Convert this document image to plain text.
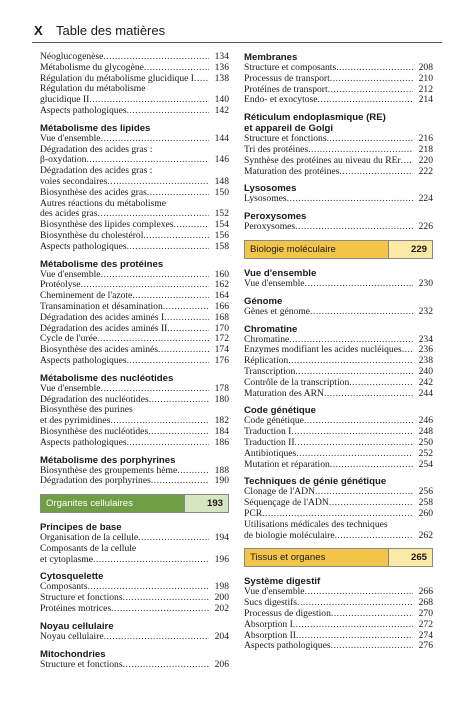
X Table des matières
Néoglucogenèse .....	134
Métabolisme du glycogène .....	136
Régulation du métabolisme glucidique I .....	138
Régulation du métabolisme
glucidique II .....	140
Aspects pathologiques .....	142
Métabolisme des lipides
Vue d'ensemble .....	144
Dégradation des acides gras :
β-oxydation .....	146
Dégradation des acides gras :
voies secondaires .....	148
Biosynthèse des acides gras .....	150
Autres réactions du métabolisme
des acides gras .....	152
Biosynthèse des lipides complexes .....	154
Biosynthèse du cholestérol .....	156
Aspects pathologiques .....	158
Métabolisme des protéines
Vue d'ensemble .....	160
Protéolyse .....	162
Cheminement de l'azote .....	164
Transamination et désamination .....	166
Dégradation des acides aminés I .....	168
Dégradation des acides aminés II .....	170
Cycle de l'urée .....	172
Biosynthèse des acides aminés .....	174
Aspects pathologiques .....	176
Métabolisme des nucléotides
Vue d'ensemble .....	178
Dégradation des nucléotides .....	180
Biosynthèse des purines
et des pyrimidines .....	182
Biosynthèse des nucléotides .....	184
Aspects pathologiques .....	186
Métabolisme des porphyrines
Biosynthèse des groupements hème .....	188
Dégradation des porphyrines .....	190
Organites cellulaires	193
Principes de base
Organisation de la cellule .....	194
Composants de la cellule
et cytoplasme .....	196
Cytosquelette
Composants .....	198
Structure et fonctions .....	200
Protéines motrices .....	202
Noyau cellulaire
Noyau cellulaire .....	204
Mitochondries
Structure et fonctions .....	206
Membranes
Structure et composants .....	208
Processus de transport .....	210
Protéines de transport .....	212
Endo- et exocytose .....	214
Réticulum endoplasmique (RE)
et appareil de Golgi
Structure et fonctions .....	216
Tri des protéines .....	218
Synthèse des protéines au niveau du REr .....	220
Maturation des protéines .....	222
Lysosomes
Lysosomes .....	224
Peroxysomes
Peroxysomes .....	226
Biologie moléculaire	229
Vue d'ensemble
Vue d'ensemble .....	230
Génome
Gènes et génome .....	232
Chromatine
Chromatine .....	234
Enzymes modifiant les acides nucléiques .....	236
Réplication .....	238
Transcription .....	240
Contrôle de la transcription .....	242
Maturation des ARN .....	244
Code génétique
Code génétique .....	246
Traduction I .....	248
Traduction II .....	250
Antibiotiques .....	252
Mutation et réparation .....	254
Techniques de génie génétique
Clonage de l'ADN .....	256
Séquençage de l'ADN .....	258
PCR .....	260
Utilisations médicales des techniques
de biologie moléculaire .....	262
Tissus et organes	265
Système digestif
Vue d'ensemble .....	266
Sucs digestifs .....	268
Processus de digestion .....	270
Absorption I .....	272
Absorption II .....	274
Aspects pathologiques .....	276
